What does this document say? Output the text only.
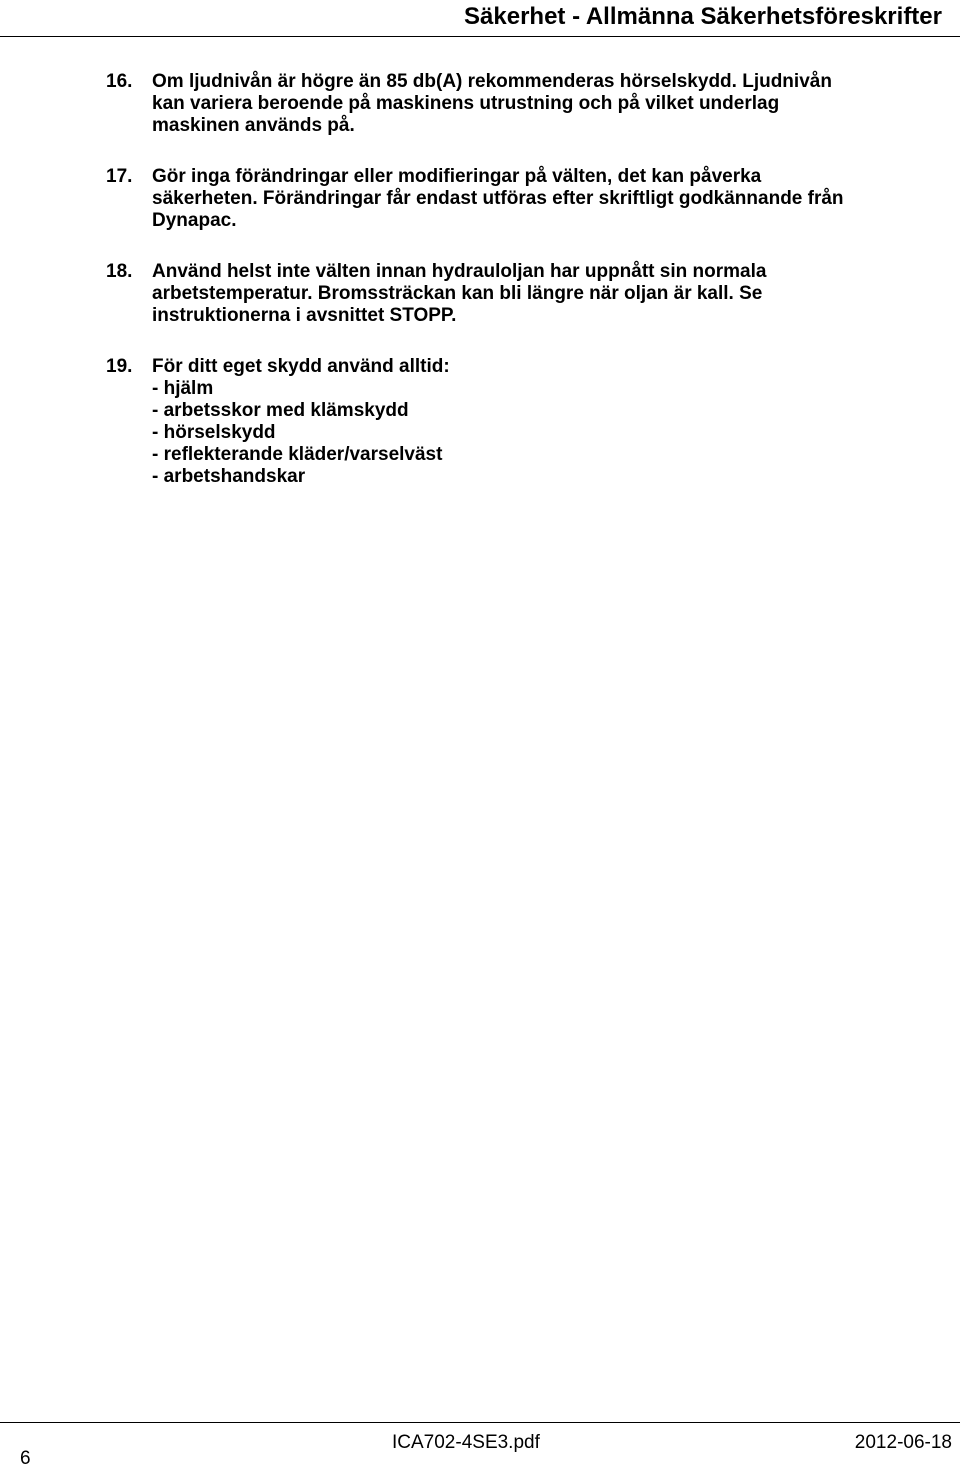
Säkerhet - Allmänna Säkerhetsföreskrifter
16. Om ljudnivån är högre än 85 db(A) rekommenderas hörselskydd. Ljudnivån
kan variera beroende på maskinens utrustning och på vilket underlag
maskinen används på.
17. Gör inga förändringar eller modifieringar på välten, det kan påverka
säkerheten. Förändringar får endast utföras efter skriftligt godkännande från
Dynapac.
18. Använd helst inte välten innan hydrauloljan har uppnått sin normala
arbetstemperatur. Bromssträckan kan bli längre när oljan är kall. Se
instruktionerna i avsnittet STOPP.
19. För ditt eget skydd använd alltid:
- hjälm
- arbetsskor med klämskydd
- hörselskydd
- reflekterande kläder/varselväst
- arbetshandskar
6
ICA702-4SE3.pdf	2012-06-18
